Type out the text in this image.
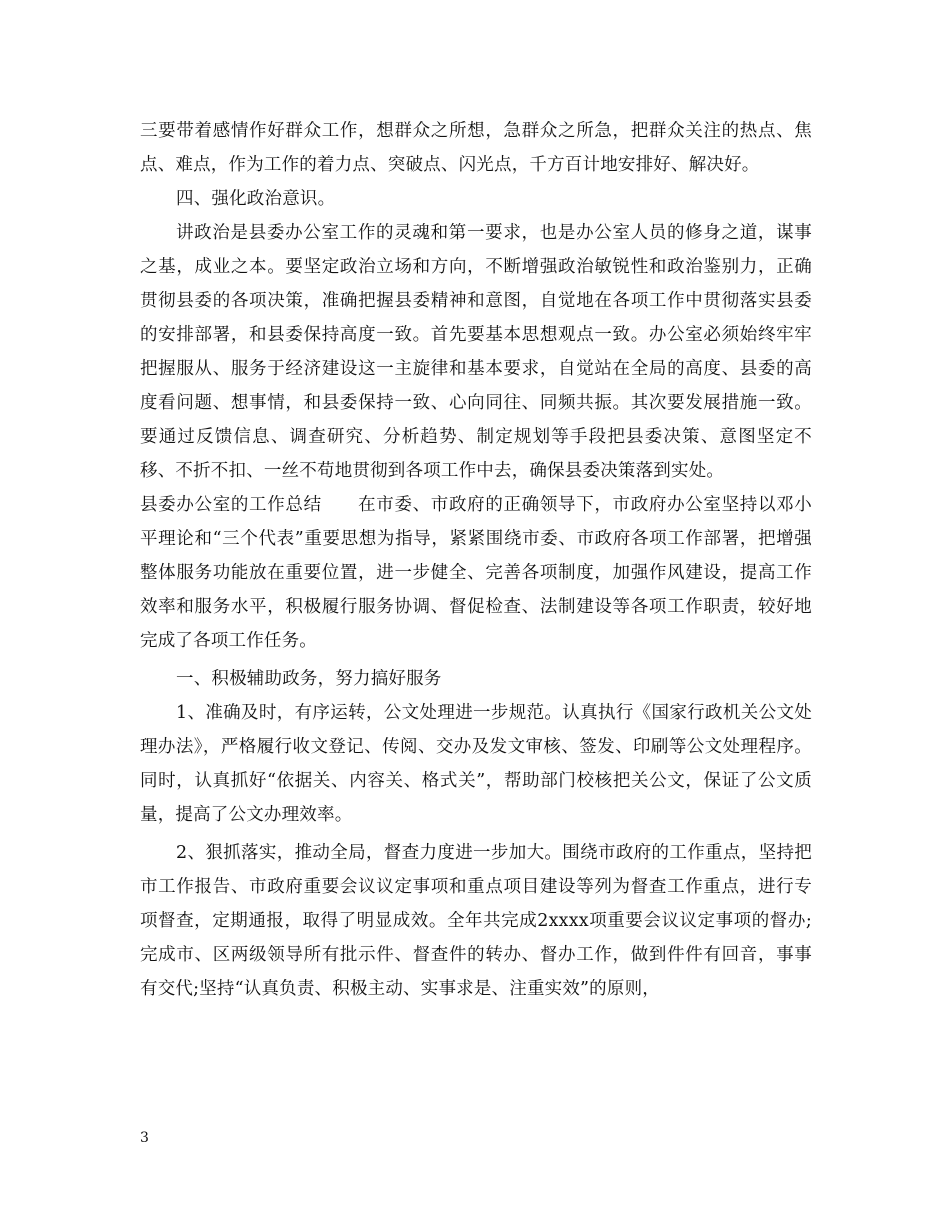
三要带着感情作好群众工作，想群众之所想，急群众之所急，把群众关注的热点、焦点、难点，作为工作的着力点、突破点、闪光点，千方百计地安排好、解决好。

四、强化政治意识。

讲政治是县委办公室工作的灵魂和第一要求，也是办公室人员的修身之道，谋事之基，成业之本。要坚定政治立场和方向，不断增强政治敏锐性和政治鉴别力，正确贯彻县委的各项决策，准确把握县委精神和意图，自觉地在各项工作中贯彻落实县委的安排部署，和县委保持高度一致。首先要基本思想观点一致。办公室必须始终牢牢把握服从、服务于经济建设这一主旋律和基本要求，自觉站在全局的高度、县委的高度看问题、想事情，和县委保持一致、心向同往、同频共振。其次要发展措施一致。要通过反馈信息、调查研究、分析趋势、制定规划等手段把县委决策、意图坚定不移、不折不扣、一丝不苟地贯彻到各项工作中去，确保县委决策落到实处。

县委办公室的工作总结　　在市委、市政府的正确领导下，市政府办公室坚持以邓小平理论和“三个代表”重要思想为指导，紧紧围绕市委、市政府各项工作部署，把增强整体服务功能放在重要位置，进一步健全、完善各项制度，加强作风建设，提高工作效率和服务水平，积极履行服务协调、督促检查、法制建设等各项工作职责，较好地完成了各项工作任务。

一、积极辅助政务，努力搞好服务

1、准确及时，有序运转，公文处理进一步规范。认真执行《国家行政机关公文处理办法》，严格履行收文登记、传阅、交办及发文审核、签发、印刷等公文处理程序。同时，认真抓好“依据关、内容关、格式关”，帮助部门校核把关公文，保证了公文质量，提高了公文办理效率。

2、狠抓落实，推动全局，督查力度进一步加大。围绕市政府的工作重点，坚持把市工作报告、市政府重要会议议定事项和重点项目建设等列为督查工作重点，进行专项督查，定期通报，取得了明显成效。全年共完成2xxxx项重要会议议定事项的督办;完成市、区两级领导所有批示件、督查件的转办、督办工作，做到件件有回音，事事有交代;坚持“认真负责、积极主动、实事求是、注重实效”的原则，

3
